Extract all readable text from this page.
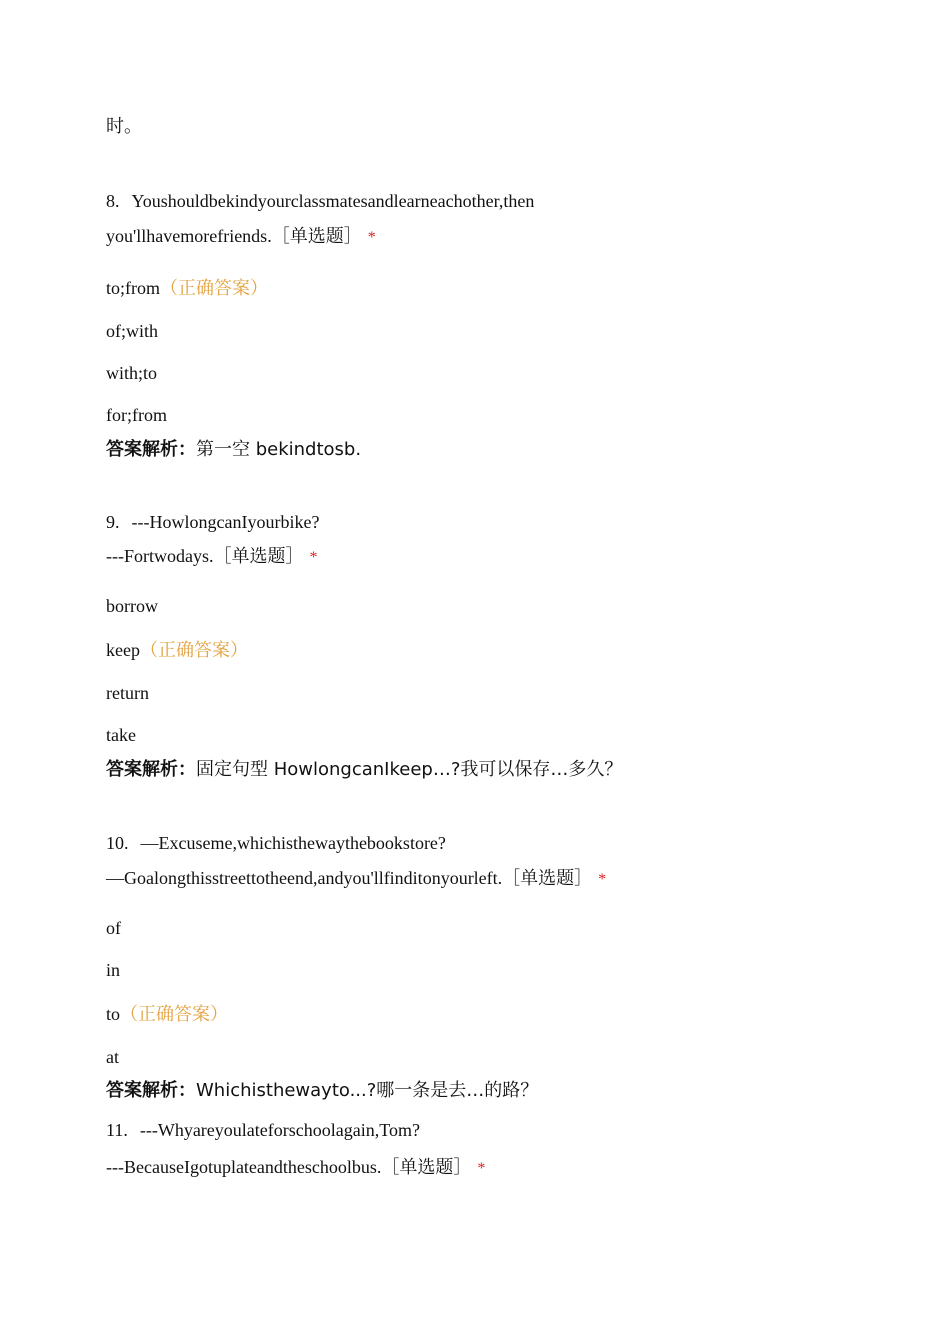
时。
8. Youshouldbekindyourclassmatesandlearneachother,then
you'llhavemorefriends.［单选题］ *
to;from（正确答案）
of;with
with;to
for;from
答案解析：第一空 bekindtosb.
9. ---HowlongcanIyourbike?
---Fortwodays.［单选题］ *
borrow
keep（正确答案）
return
take
答案解析：固定句型 HowlongcanIkeep…?我可以保存…多久？
10. —Excuseme,whichisthewaythebookstore?
—Goalongthisstreettotheend,andyou'llfinditonyourleft.［单选题］ *
of
in
to（正确答案）
at
答案解析：Whichisthewayto...?哪一条是去…的路？
11. ---Whyareyoulateforschoolagain,Tom?
---BecauseIgotuplateandtheschoolbus.［单选题］ *
